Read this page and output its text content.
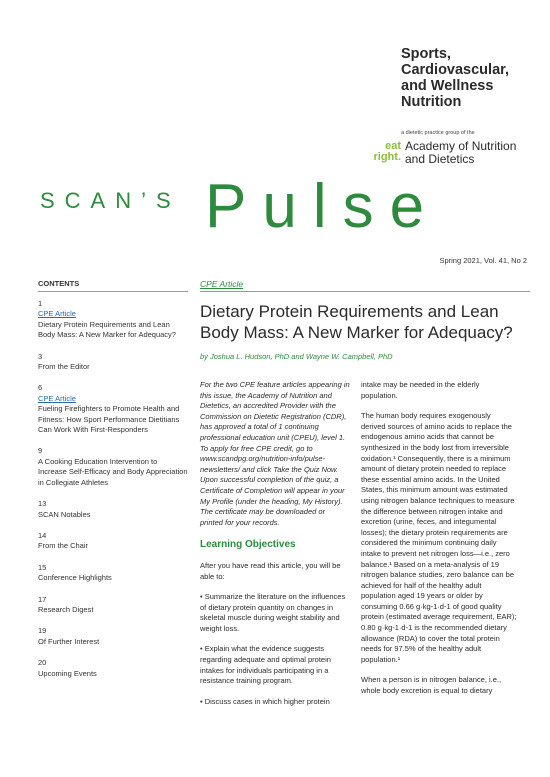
Sports,
Cardiovascular,
and Wellness
Nutrition
a dietetic practice group of the
eat
right.
Academy of Nutrition
and Dietetics
SCAN’S Pulse
Spring 2021, Vol. 41, No 2
CONTENTS
1
CPE Article
Dietary Protein Requirements and Lean Body Mass: A New Marker for Adequacy?
3
From the Editor
6
CPE Article
Fueling Firefighters to Promote Health and Fitness: How Sport Performance Dietitians Can Work With First-Responders
9
A Cooking Education Intervention to Increase Self-Efficacy and Body Appreciation in Collegiate Athletes
13
SCAN Notables
14
From the Chair
15
Conference Highlights
17
Research Digest
19
Of Further Interest
20
Upcoming Events
CPE Article
Dietary Protein Requirements and Lean Body Mass: A New Marker for Adequacy?
by Joshua L. Hudson, PhD and Wayne W. Campbell, PhD

For the two CPE feature articles appearing in this issue, the Academy of Nutrition and Dietetics, an accredited Provider with the Commission on Dietetic Registration (CDR), has approved a total of 1 continuing professional education unit (CPEU), level 1. To apply for free CPE credit, go to www.scandpg.org/nutrition-info/pulse-newsletters/ and click Take the Quiz Now. Upon successful completion of the quiz, a Certificate of Completion will appear in your My Profile (under the heading, My History). The certificate may be downloaded or printed for your records.

Learning Objectives

After you have read this article, you will be able to:

• Summarize the literature on the influences of dietary protein quantity on changes in skeletal muscle during weight stability and weight loss.

• Explain what the evidence suggests regarding adequate and optimal protein intakes for individuals participating in a resistance training program.

• Discuss cases in which higher protein

intake may be needed in the elderly population.

The human body requires exogenously derived sources of amino acids to replace the endogenous amino acids that cannot be synthesized in the body lost from irreversible oxidation.¹ Consequently, there is a minimum amount of dietary protein needed to replace these essential amino acids. In the United States, this minimum amount was estimated using nitrogen balance techniques to measure the difference between nitrogen intake and excretion (urine, feces, and integumental losses); the dietary protein requirements are considered the minimum continuing daily intake to prevent net nitrogen loss—i.e., zero balance.¹ Based on a meta-analysis of 19 nitrogen balance studies, zero balance can be achieved for half of the healthy adult population aged 19 years or older by consuming 0.66 g·kg-1·d-1 of good quality protein (estimated average requirement, EAR); 0.80 g·kg-1·d-1 is the recommended dietary allowance (RDA) to cover the total protein needs for 97.5% of the healthy adult population.¹

When a person is in nitrogen balance, i.e., whole body excretion is equal to dietary
